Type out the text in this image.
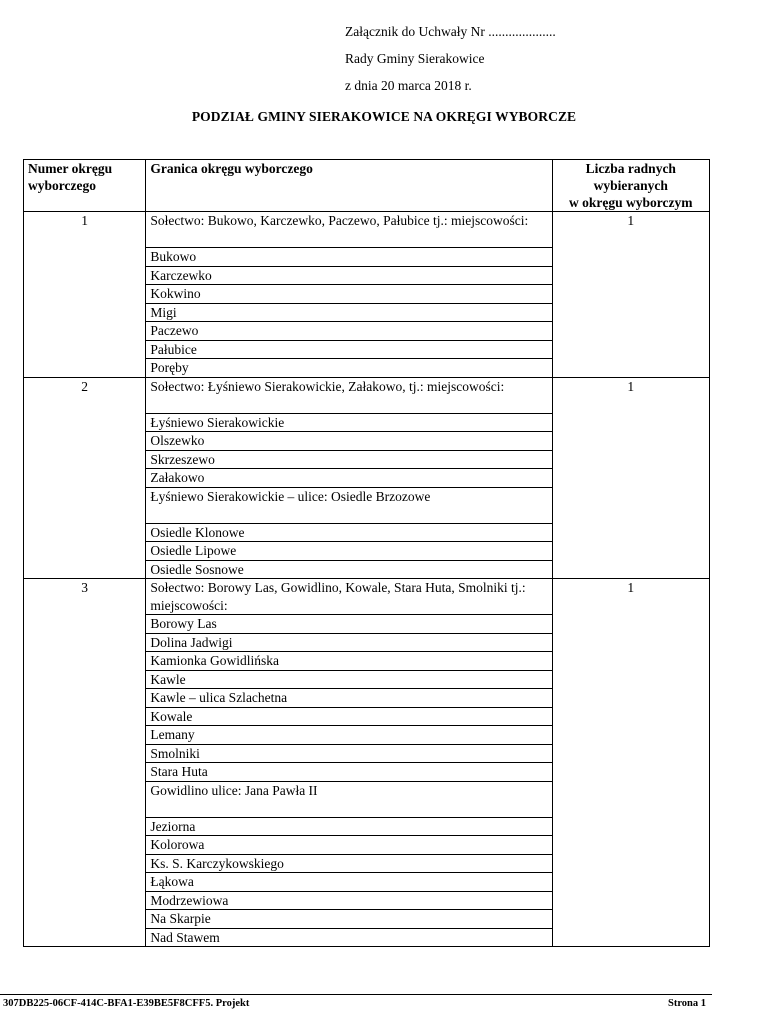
Załącznik do Uchwały Nr ....................
Rady Gminy Sierakowice
z dnia 20 marca 2018 r.
PODZIAŁ GMINY SIERAKOWICE NA OKRĘGI WYBORCZE
Numer okręgu wyborczego	Granica okręgu wyborczego	Liczba radnych
wybieranych
w okręgu wyborczym
1	Sołectwo: Bukowo, Karczewko, Paczewo, Pałubice tj.: miejscowości:	1
	Bukowo	
	Karczewko	
	Kokwino	
	Migi	
	Paczewo	
	Pałubice	
	Poręby	
2	Sołectwo: Łyśniewo Sierakowickie, Załakowo, tj.: miejscowości:	1
	Łyśniewo Sierakowickie	
	Olszewko	
	Skrzeszewo	
	Załakowo	
	Łyśniewo Sierakowickie – ulice: Osiedle Brzozowe	
	Osiedle Klonowe	
	Osiedle Lipowe	
	Osiedle Sosnowe	
3	Sołectwo: Borowy Las, Gowidlino, Kowale, Stara Huta, Smolniki tj.: miejscowości:	1
	Borowy Las	
	Dolina Jadwigi	
	Kamionka Gowidlińska	
	Kawle	
	Kawle – ulica Szlachetna	
	Kowale	
	Lemany	
	Smolniki	
	Stara Huta	
	Gowidlino ulice: Jana Pawła II	
	Jeziorna	
	Kolorowa	
	Ks. S. Karczykowskiego	
	Łąkowa	
	Modrzewiowa	
	Na Skarpie	
	Nad Stawem	
307DB225-06CF-414C-BFA1-E39BE5F8CFF5. Projekt	Strona 1
